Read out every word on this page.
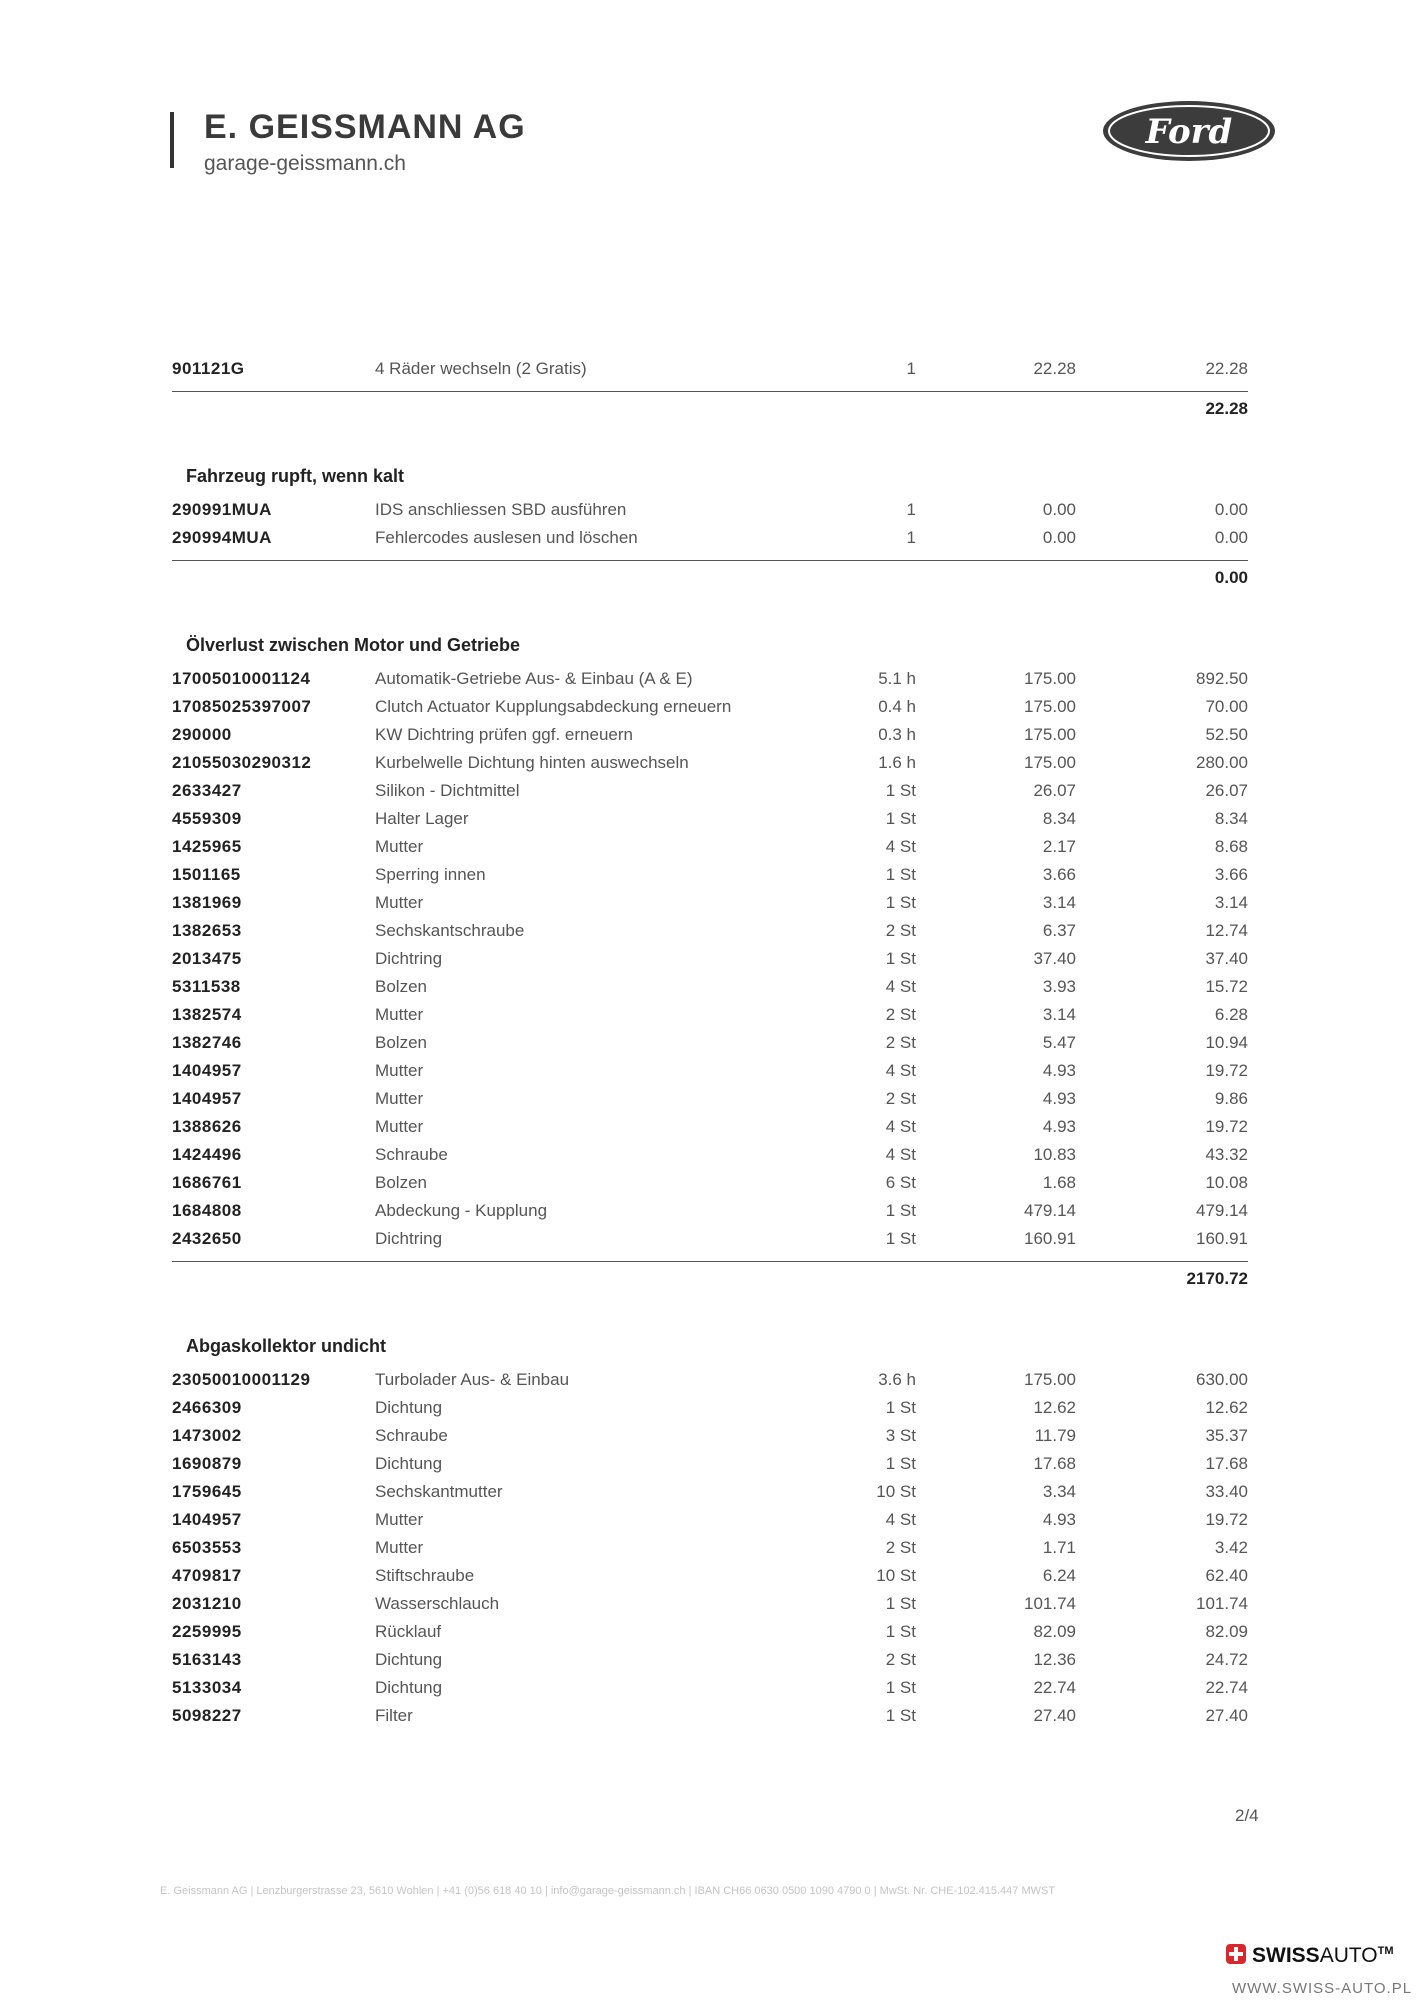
E. GEISSMANN AG
garage-geissmann.ch
Ford
901121G	4 Räder wechseln (2 Gratis)	1	22.28	22.28
22.28
Fahrzeug rupft, wenn kalt
290991MUA	IDS anschliessen SBD ausführen	1	0.00	0.00
290994MUA	Fehlercodes auslesen und löschen	1	0.00	0.00
0.00
Ölverlust zwischen Motor und Getriebe
17005010001124	Automatik-Getriebe Aus- & Einbau (A & E)	5.1 h	175.00	892.50
17085025397007	Clutch Actuator Kupplungsabdeckung erneuern	0.4 h	175.00	70.00
290000	KW Dichtring prüfen ggf. erneuern	0.3 h	175.00	52.50
21055030290312	Kurbelwelle Dichtung hinten auswechseln	1.6 h	175.00	280.00
2633427	Silikon - Dichtmittel	1 St	26.07	26.07
4559309	Halter Lager	1 St	8.34	8.34
1425965	Mutter	4 St	2.17	8.68
1501165	Sperring innen	1 St	3.66	3.66
1381969	Mutter	1 St	3.14	3.14
1382653	Sechskantschraube	2 St	6.37	12.74
2013475	Dichtring	1 St	37.40	37.40
5311538	Bolzen	4 St	3.93	15.72
1382574	Mutter	2 St	3.14	6.28
1382746	Bolzen	2 St	5.47	10.94
1404957	Mutter	4 St	4.93	19.72
1404957	Mutter	2 St	4.93	9.86
1388626	Mutter	4 St	4.93	19.72
1424496	Schraube	4 St	10.83	43.32
1686761	Bolzen	6 St	1.68	10.08
1684808	Abdeckung - Kupplung	1 St	479.14	479.14
2432650	Dichtring	1 St	160.91	160.91
2170.72
Abgaskollektor undicht
23050010001129	Turbolader Aus- & Einbau	3.6 h	175.00	630.00
2466309	Dichtung	1 St	12.62	12.62
1473002	Schraube	3 St	11.79	35.37
1690879	Dichtung	1 St	17.68	17.68
1759645	Sechskantmutter	10 St	3.34	33.40
1404957	Mutter	4 St	4.93	19.72
6503553	Mutter	2 St	1.71	3.42
4709817	Stiftschraube	10 St	6.24	62.40
2031210	Wasserschlauch	1 St	101.74	101.74
2259995	Rücklauf	1 St	82.09	82.09
5163143	Dichtung	2 St	12.36	24.72
5133034	Dichtung	1 St	22.74	22.74
5098227	Filter	1 St	27.40	27.40
2/4
E. Geissmann AG | Lenzburgerstrasse 23, 5610 Wohlen | +41 (0)56 618 40 10 | info@garage-geissmann.ch | IBAN CH66 0630 0500 1090 4790 0 | MwSt. Nr. CHE-102.415.447 MWST
SWISSAUTO™
WWW.SWISS-AUTO.PL
